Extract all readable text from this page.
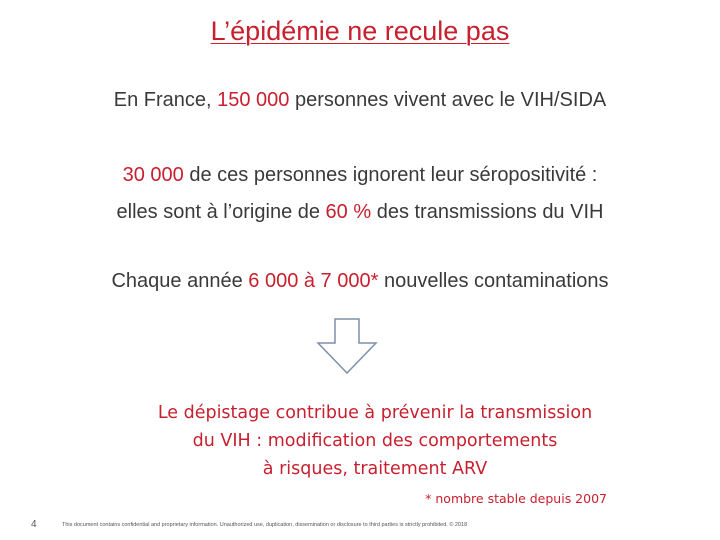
L’épidémie ne recule pas
En France, 150 000 personnes vivent avec le VIH/SIDA
30 000 de ces personnes ignorent leur séropositivité :
elles sont à l’origine de 60 % des transmissions du VIH
Chaque année 6 000 à 7 000* nouvelles contaminations
Le dépistage contribue à prévenir la transmission
du VIH : modification des comportements
à risques, traitement ARV
* nombre stable depuis 2007
4	This document contains confidential and proprietary information. Unauthorized use, duplication, dissemination or disclosure to third parties is strictly prohibited. © 2018
